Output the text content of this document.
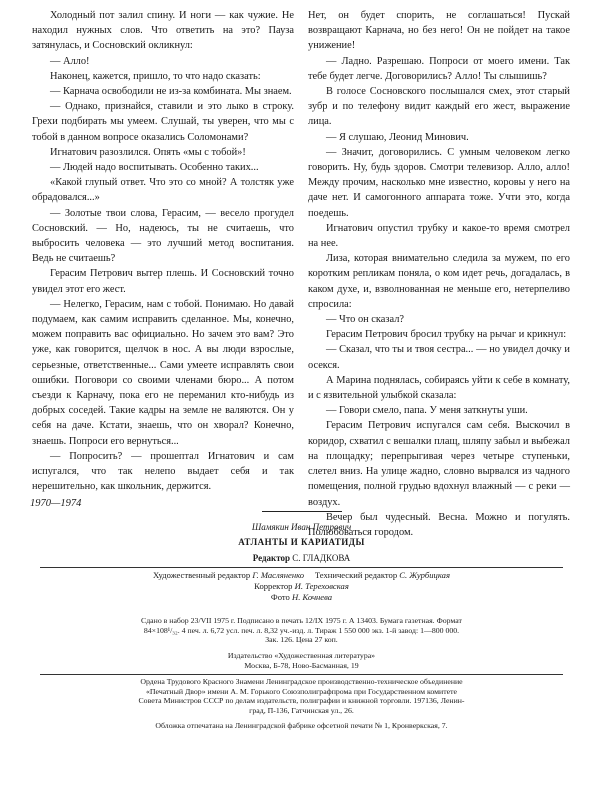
Холодный пот залил спину. И ноги — как чужие. Не находил нужных слов. Что ответить на это? Пауза затянулась, и Сосновский окликнул:

— Алло!

Наконец, кажется, пришло, то что надо сказать:

— Карнача освободили не из-за комбината. Мы знаем.

— Однако, признайся, ставили и это лыко в строку. Грехи подбирать мы умеем. Слушай, ты уверен, что мы с тобой в данном вопросе оказались Соломонами?

Игнатович разозлился. Опять «мы с тобой»!

— Людей надо воспитывать. Особенно таких...

«Какой глупый ответ. Что это со мной? А толстяк уже обрадовался...»

— Золотые твои слова, Герасим, — весело прогудел Сосновский. — Но, надеюсь, ты не считаешь, что выбросить человека — это лучший метод воспитания. Ведь не считаешь?

Герасим Петрович вытер плешь. И Сосновский точно увидел этот его жест.

— Нелегко, Герасим, нам с тобой. Понимаю. Но давай подумаем, как самим исправить сделанное. Мы, конечно, можем поправить вас официально. Но зачем это вам? Это уже, как говорится, щелчок в нос. А вы люди взрослые, серьезные, ответственные... Сами умеете исправлять свои ошибки. Поговори со своими членами бюро... А потом съезди к Карначу, пока его не переманил кто-нибудь из добрых соседей. Такие кадры на земле не валяются. Он у себя на даче. Кстати, знаешь, что он хворал? Конечно, знаешь. Попроси его вернуться...

— Попросить? — прошептал Игнатович и сам испугался, что так нелепо выдает себя и так нерешительно, как школьник, держится.

Нет, он будет спорить, не соглашаться! Пускай возвращают Карнача, но без него! Он не пойдет на такое унижение!

— Ладно. Разрешаю. Попроси от моего имени. Так тебе будет легче. Договорились? Алло! Ты слышишь?

В голосе Сосновского послышался смех, этот старый зубр и по телефону видит каждый его жест, выражение лица.

— Я слушаю, Леонид Минович.

— Значит, договорились. С умным человеком легко говорить. Ну, будь здоров. Смотри телевизор. Алло, алло! Между прочим, насколько мне известно, коровы у него на даче нет. И самогонного аппарата тоже. Учти это, когда поедешь.

Игнатович опустил трубку и какое-то время смотрел на нее.

Лиза, которая внимательно следила за мужем, по его коротким репликам поняла, о ком идет речь, догадалась, в каком духе, и, взволнованная не меньше его, нетерпеливо спросила:

— Что он сказал?

Герасим Петрович бросил трубку на рычаг и крикнул:

— Сказал, что ты и твоя сестра... — но увидел дочку и осекся.

А Марина поднялась, собираясь уйти к себе в комнату, и с язвительной улыбкой сказала:

— Говори смело, папа. У меня заткнуты уши.

Герасим Петрович испугался сам себя. Выскочил в коридор, схватил с вешалки плащ, шляпу забыл и выбежал на площадку; перепрыгивая через четыре ступеньки, слетел вниз. На улице жадно, словно вырвался из чадного помещения, полной грудью вдохнул влажный — с реки — воздух.

Вечер был чудесный. Весна. Можно и погулять. Полюбоваться городом.

1970—1974
Шамякин Иван Петрович
АТЛАНТЫ И КАРИАТИДЫ
Редактор С. ГЛАДКОВА
Художественный редактор Г. Масляненко Технический редактор С. Журбицкая
Корректор И. Тереховская
Фото Н. Кочнева
Сдано в набор 23/VII 1975 г. Подписано в печать 12/IX 1975 г. А 13403. Бумага газетная. Формат
84×108¹/₃₂. 4 печ. л. 6,72 усл. печ. л. 8,32 уч.-изд. л. Тираж 1 550 000 экз. 1-й завод: 1—800 000.
Зак. 126. Цена 27 коп.
Издательство «Художественная литература»
Москва, Б-78, Ново-Басманная, 19
Ордена Трудового Красного Знамени Ленинградское производственно-техническое объединение
«Печатный Двор» имени А. М. Горького Союзполиграфпрома при Государственном комитете
Совета Министров СССР по делам издательств, полиграфии и книжной торговли. 197136, Ленин-
град, П-136, Гатчинская ул., 26.
Обложка отпечатана на Ленинградской фабрике офсетной печати № 1, Кронверкская, 7.
